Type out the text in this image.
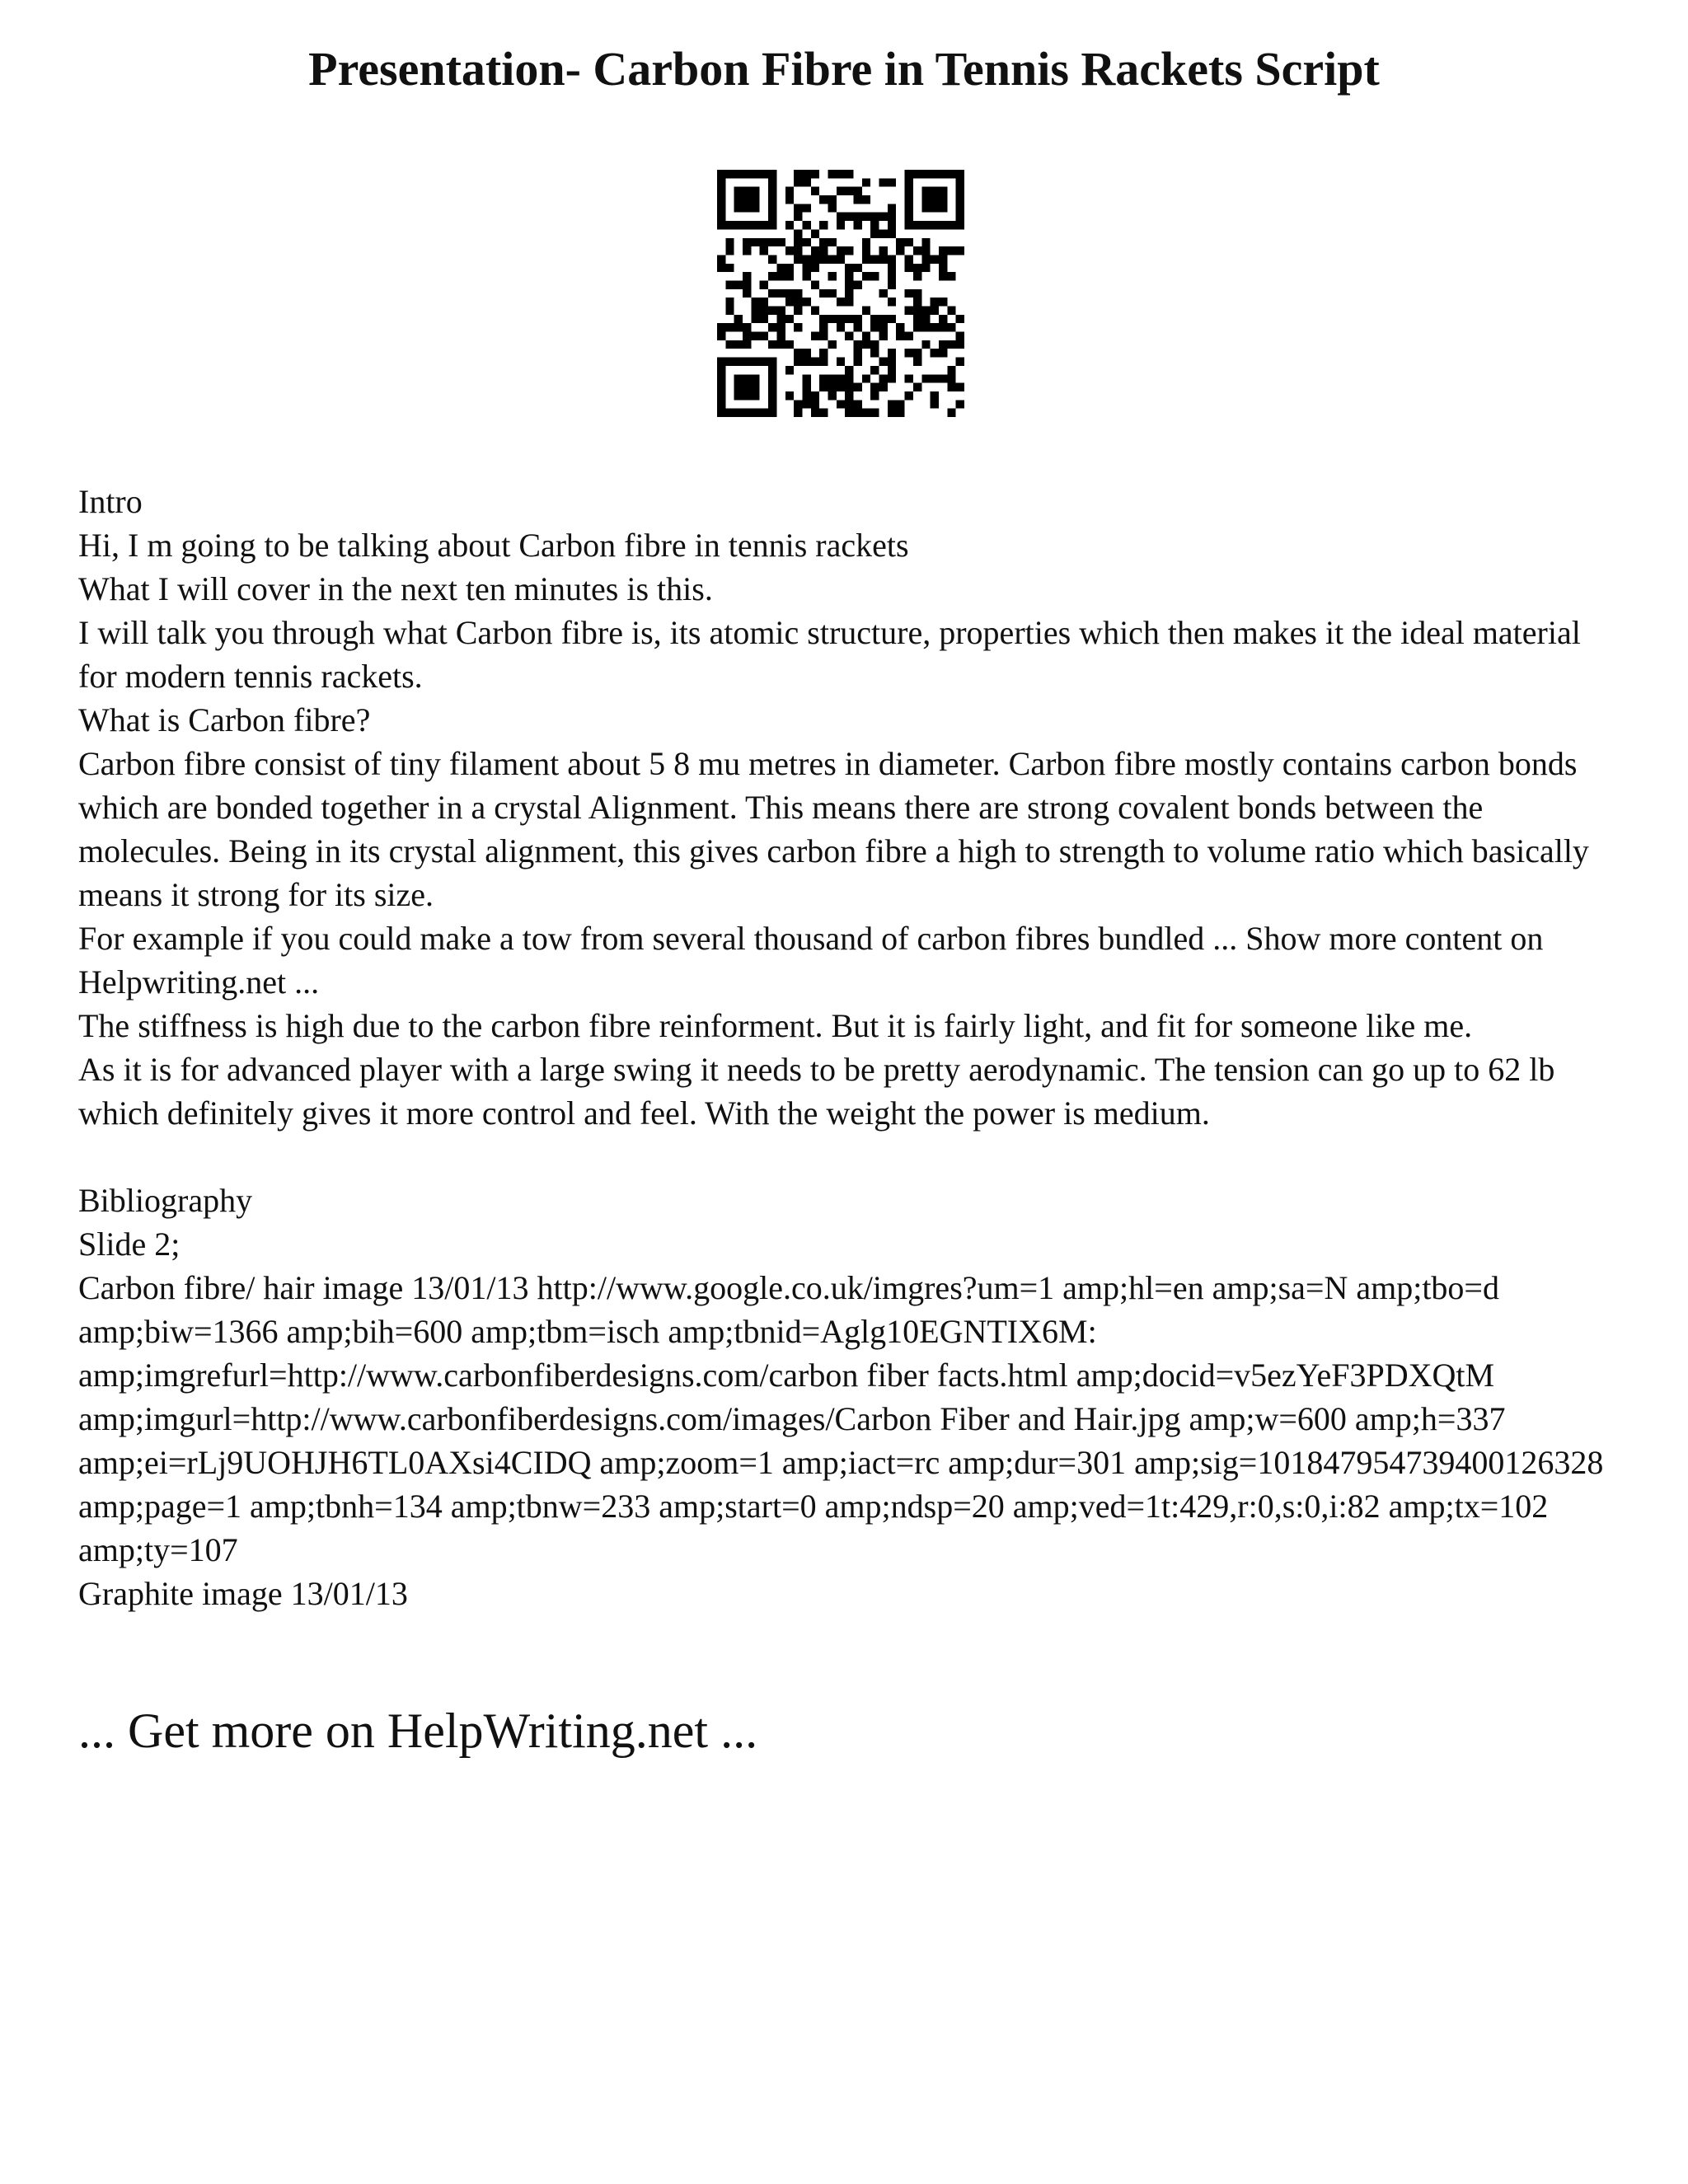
Presentation- Carbon Fibre in Tennis Rackets Script

Intro

Hi, I m going to be talking about Carbon fibre in tennis rackets

What I will cover in the next ten minutes is this.

I will talk you through what Carbon fibre is, its atomic structure, properties which then makes it the ideal material for modern tennis rackets.

What is Carbon fibre?

Carbon fibre consist of tiny filament about 5 8 mu metres in diameter. Carbon fibre mostly contains carbon bonds which are bonded together in a crystal Alignment. This means there are strong covalent bonds between the molecules. Being in its crystal alignment, this gives carbon fibre a high to strength to volume ratio which basically means it strong for its size.

For example if you could make a tow from several thousand of carbon fibres bundled ... Show more content on Helpwriting.net ...

The stiffness is high due to the carbon fibre reinforment. But it is fairly light, and fit for someone like me.

As it is for advanced player with a large swing it needs to be pretty aerodynamic. The tension can go up to 62 lb which definitely gives it more control and feel. With the weight the power is medium.

Bibliography

Slide 2;

Carbon fibre/ hair image 13/01/13 http://www.google.co.uk/imgres?um=1 amp;hl=en amp;sa=N amp;tbo=d amp;biw=1366 amp;bih=600 amp;tbm=isch amp;tbnid=Aglg10EGNTIX6M: amp;imgrefurl=http://www.carbonfiberdesigns.com/carbon fiber facts.html amp;docid=v5ezYeF3PDXQtM amp;imgurl=http://www.carbonfiberdesigns.com/images/Carbon Fiber and Hair.jpg amp;w=600 amp;h=337 amp;ei=rLj9UOHJH6TL0AXsi4CIDQ amp;zoom=1 amp;iact=rc amp;dur=301 amp;sig=101847954739400126328 amp;page=1 amp;tbnh=134 amp;tbnw=233 amp;start=0 amp;ndsp=20 amp;ved=1t:429,r:0,s:0,i:82 amp;tx=102 amp;ty=107

Graphite image 13/01/13

... Get more on HelpWriting.net ...
